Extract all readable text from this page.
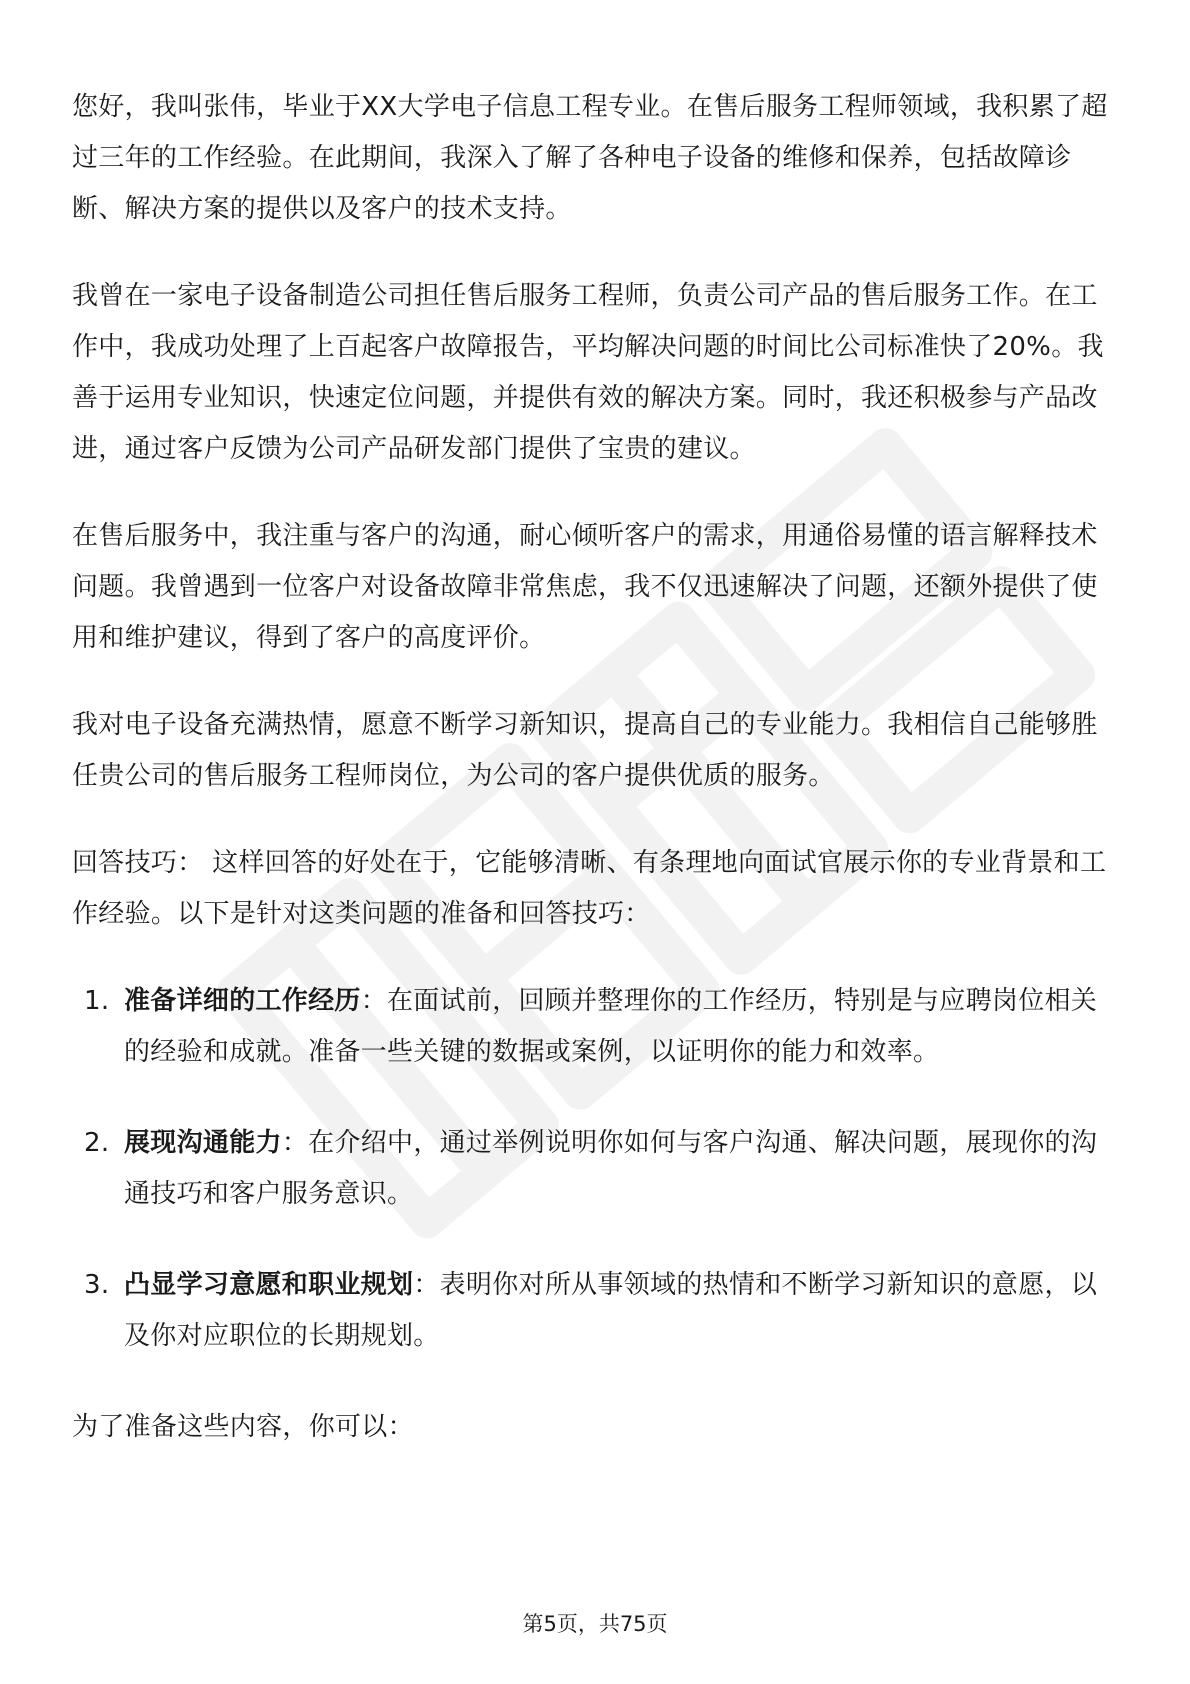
您好，我叫张伟，毕业于XX大学电子信息工程专业。在售后服务工程师领域，我积累了超过三年的工作经验。在此期间，我深入了解了各种电子设备的维修和保养，包括故障诊断、解决方案的提供以及客户的技术支持。

我曾在一家电子设备制造公司担任售后服务工程师，负责公司产品的售后服务工作。在工作中，我成功处理了上百起客户故障报告，平均解决问题的时间比公司标准快了20%。我善于运用专业知识，快速定位问题，并提供有效的解决方案。同时，我还积极参与产品改进，通过客户反馈为公司产品研发部门提供了宝贵的建议。

在售后服务中，我注重与客户的沟通，耐心倾听客户的需求，用通俗易懂的语言解释技术问题。我曾遇到一位客户对设备故障非常焦虑，我不仅迅速解决了问题，还额外提供了使用和维护建议，得到了客户的高度评价。

我对电子设备充满热情，愿意不断学习新知识，提高自己的专业能力。我相信自己能够胜任贵公司的售后服务工程师岗位，为公司的客户提供优质的服务。

回答技巧： 这样回答的好处在于，它能够清晰、有条理地向面试官展示你的专业背景和工作经验。以下是针对这类问题的准备和回答技巧：

1. 准备详细的工作经历：在面试前，回顾并整理你的工作经历，特别是与应聘岗位相关的经验和成就。准备一些关键的数据或案例，以证明你的能力和效率。
2. 展现沟通能力：在介绍中，通过举例说明你如何与客户沟通、解决问题，展现你的沟通技巧和客户服务意识。
3. 凸显学习意愿和职业规划：表明你对所从事领域的热情和不断学习新知识的意愿，以及你对应职位的长期规划。

为了准备这些内容，你可以：

第5页，共75页
